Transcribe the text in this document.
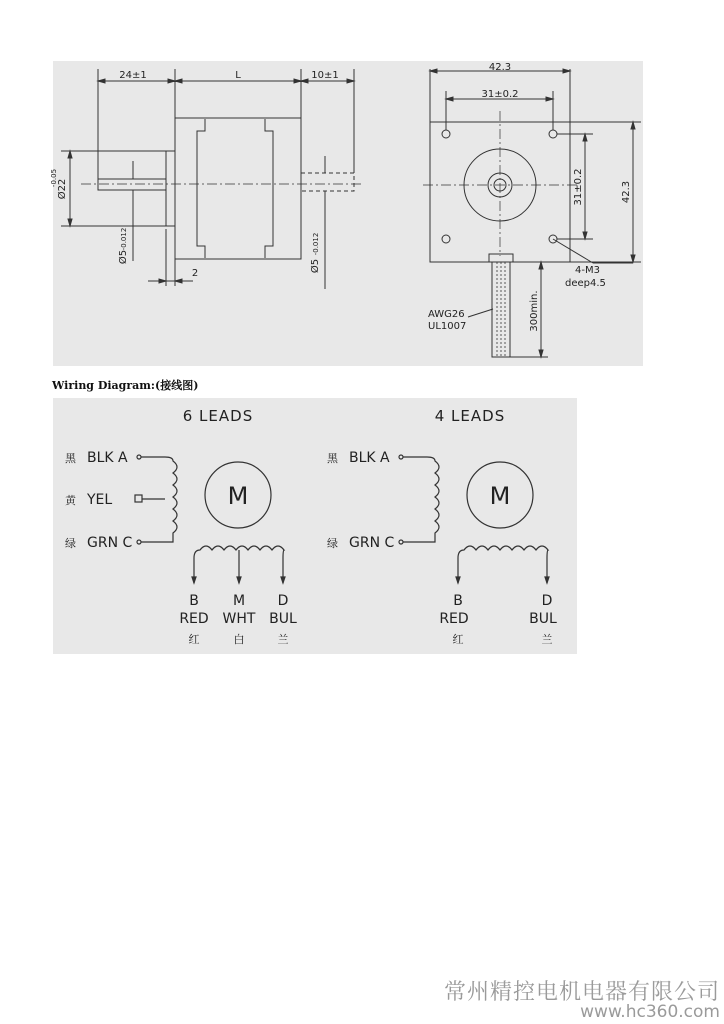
24±1	L	10±1
Ø22
-0.05
Ø5
-0.012
2
Ø5
-0.012
42.3
31±0.2
31±0.2	42.3
4-M3
deep4.5
AWG26
UL1007	300min.
Wiring Diagram:(接线图)
6 LEADS
M
黑 BLK A
黄 YEL
绿 GRN C
B
RED
红
M
WHT
白
D
BUL
兰
4 LEADS
M
黑 BLK A
绿 GRN C
B
RED
红
D
BUL
兰
常州精控电机电器有限公司
www.hc360.com
